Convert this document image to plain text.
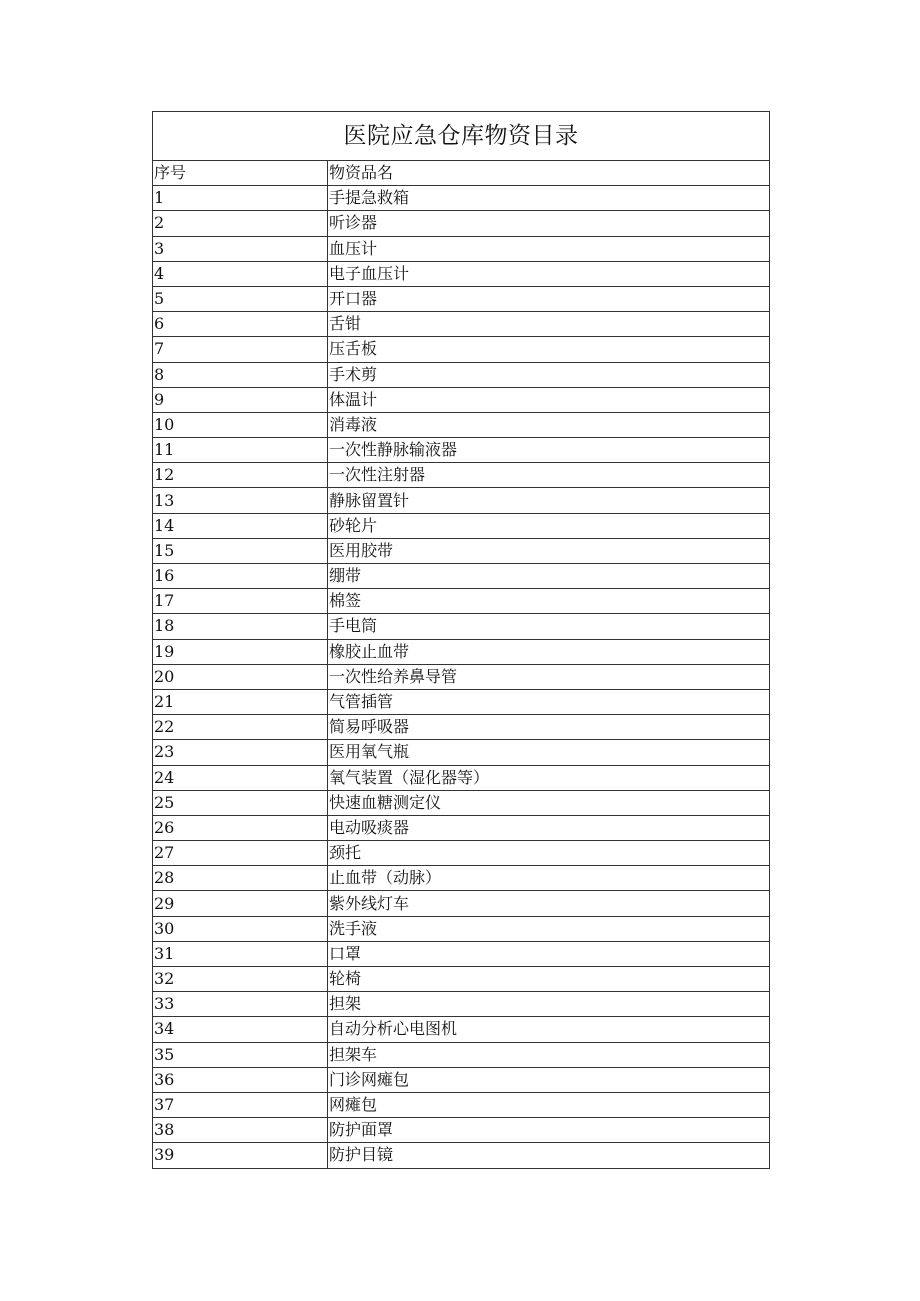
医院应急仓库物资目录	
序号	物资品名
1	手提急救箱
2	听诊器
3	血压计
4	电子血压计
5	开口器
6	舌钳
7	压舌板
8	手术剪
9	体温计
10	消毒液
11	一次性静脉输液器
12	一次性注射器
13	静脉留置针
14	砂轮片
15	医用胶带
16	绷带
17	棉签
18	手电筒
19	橡胶止血带
20	一次性给养鼻导管
21	气管插管
22	简易呼吸器
23	医用氧气瓶
24	氧气装置（湿化器等）
25	快速血糖测定仪
26	电动吸痰器
27	颈托
28	止血带（动脉）
29	紫外线灯车
30	洗手液
31	口罩
32	轮椅
33	担架
34	自动分析心电图机
35	担架车
36	门诊网瘫包
37	网瘫包
38	防护面罩
39	防护目镜
